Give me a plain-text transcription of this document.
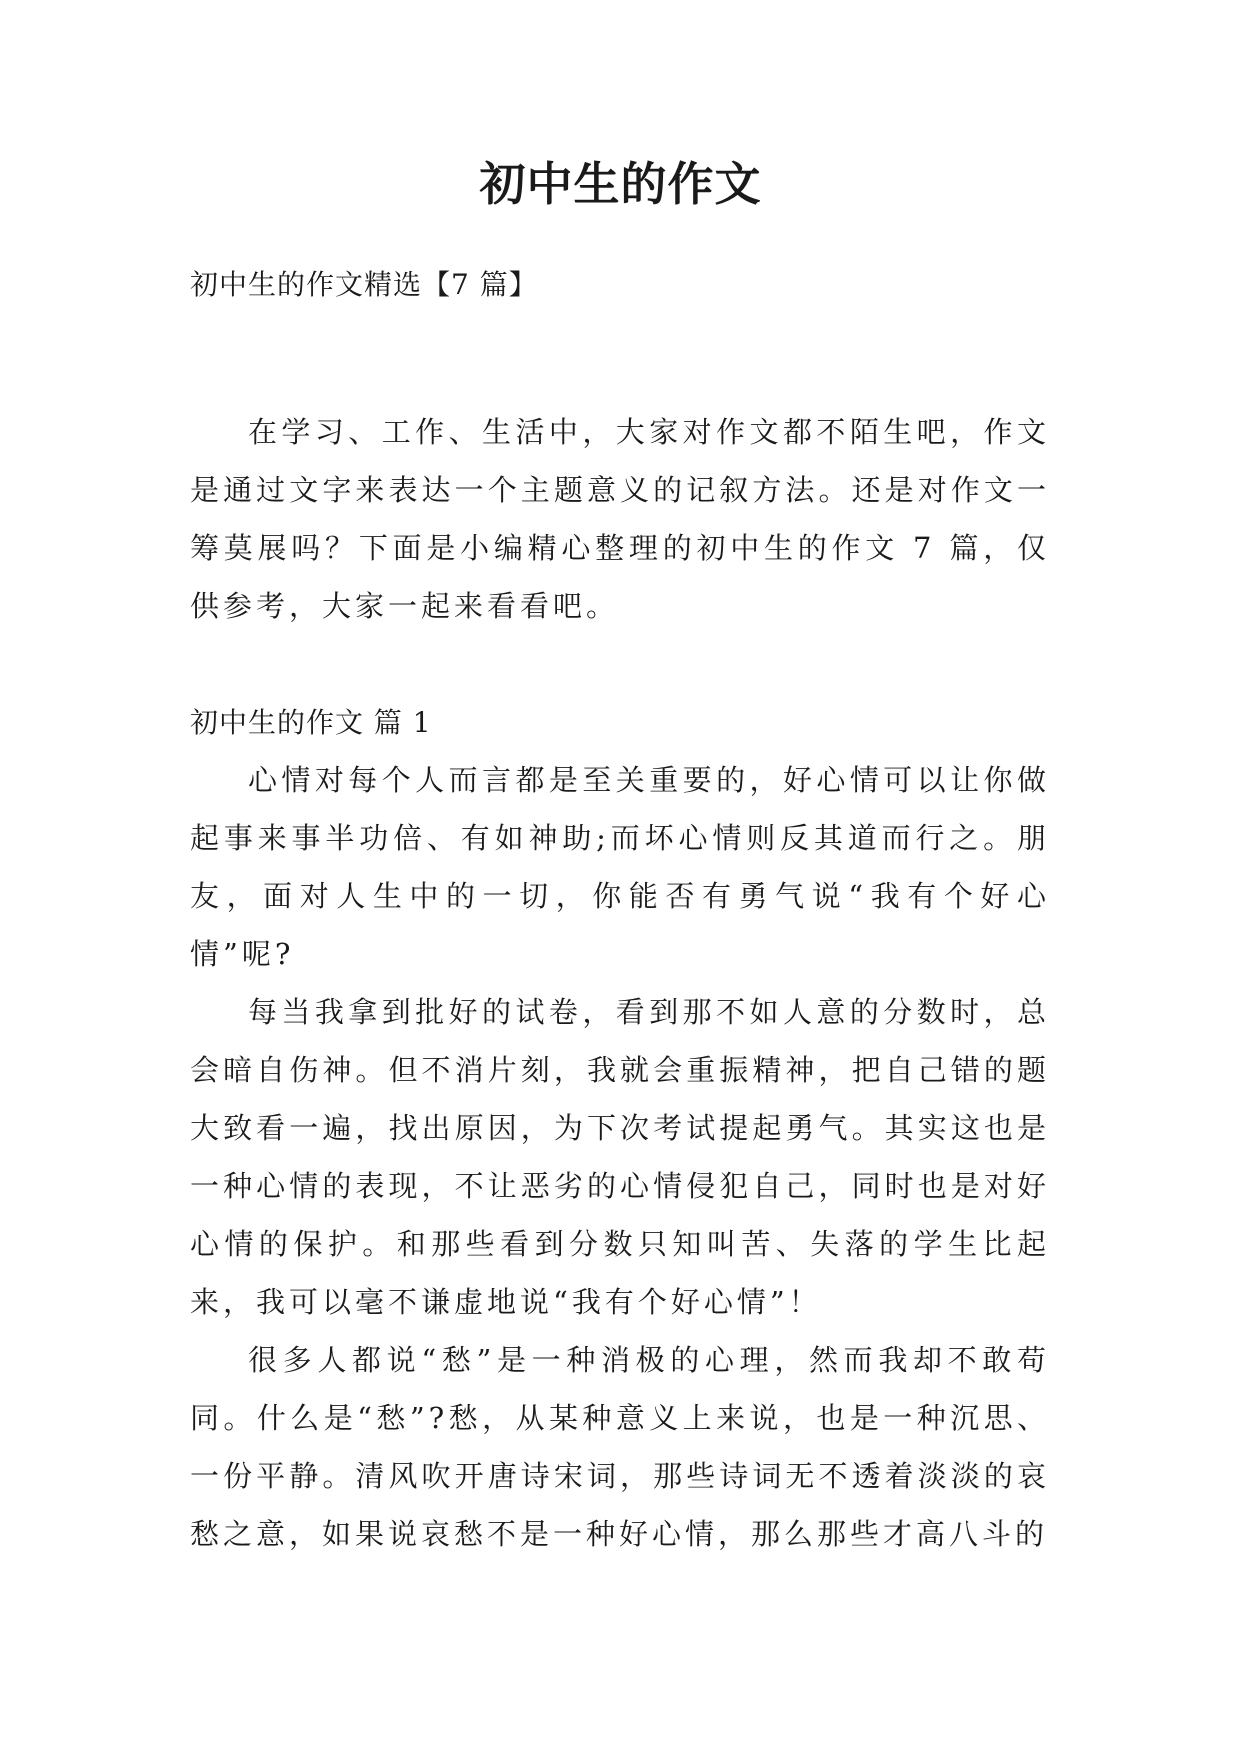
初中生的作文
初中生的作文精选【7 篇】

在学习、工作、生活中，大家对作文都不陌生吧，作文是通过文字来表达一个主题意义的记叙方法。还是对作文一筹莫展吗？下面是小编精心整理的初中生的作文 7 篇，仅供参考，大家一起来看看吧。

初中生的作文 篇 1

心情对每个人而言都是至关重要的，好心情可以让你做起事来事半功倍、有如神助;而坏心情则反其道而行之。朋友，面对人生中的一切，你能否有勇气说“我有个好心情”呢?

每当我拿到批好的试卷，看到那不如人意的分数时，总会暗自伤神。但不消片刻，我就会重振精神，把自己错的题大致看一遍，找出原因，为下次考试提起勇气。其实这也是一种心情的表现，不让恶劣的心情侵犯自己，同时也是对好心情的保护。和那些看到分数只知叫苦、失落的学生比起来，我可以毫不谦虚地说“我有个好心情”！

很多人都说“愁”是一种消极的心理，然而我却不敢苟同。什么是“愁”?愁，从某种意义上来说，也是一种沉思、一份平静。清风吹开唐诗宋词，那些诗词无不透着淡淡的哀愁之意，如果说哀愁不是一种好心情，那么那些才高八斗的
